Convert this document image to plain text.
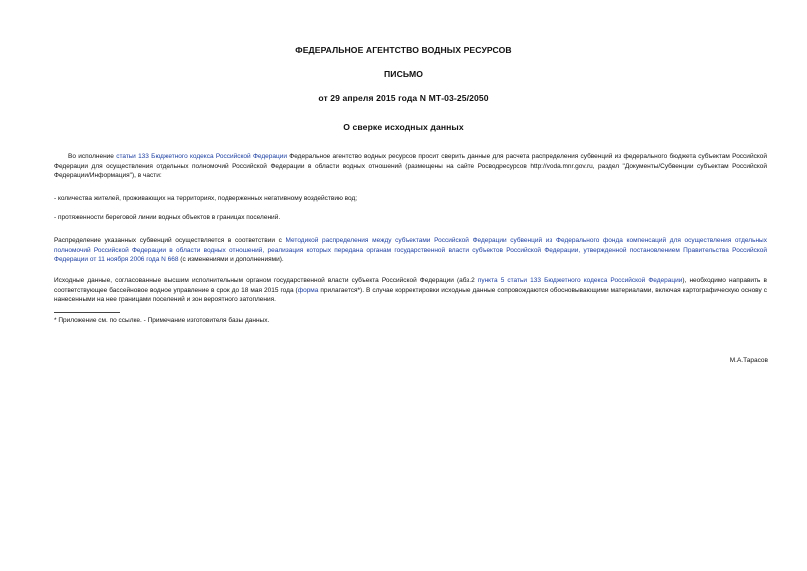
ФЕДЕРАЛЬНОЕ АГЕНТСТВО ВОДНЫХ РЕСУРСОВ
ПИСЬМО
от 29 апреля 2015 года N МТ-03-25/2050
О сверке исходных данных
Во исполнение статьи 133 Бюджетного кодекса Российской Федерации Федеральное агентство водных ресурсов просит сверить данные для расчета распределения субвенций из федерального бюджета субъектам Российской Федерации для осуществления отдельных полномочий Российской Федерации в области водных отношений (размещены на сайте Росводресурсов http://voda.mnr.gov.ru, раздел "Документы/Субвенции субъектам Российской Федерации/Информация"), в части:
- количества жителей, проживающих на территориях, подверженных негативному воздействию вод;
- протяженности береговой линии водных объектов в границах поселений.
Распределение указанных субвенций осуществляется в соответствии с Методикой распределения между субъектами Российской Федерации субвенций из Федерального фонда компенсаций для осуществления отдельных полномочий Российской Федерации в области водных отношений, реализация которых передана органам государственной власти субъектов Российской Федерации, утвержденной постановлением Правительства Российской Федерации от 11 ноября 2006 года N 668 (с изменениями и дополнениями).
Исходные данные, согласованные высшим исполнительным органом государственной власти субъекта Российской Федерации (абз.2 пункта 5 статьи 133 Бюджетного кодекса Российской Федерации), необходимо направить в соответствующее бассейновое водное управление в срок до 18 мая 2015 года (форма прилагается*). В случае корректировки исходные данные сопровождаются обосновывающими материалами, включая картографическую основу с нанесенными на нее границами поселений и зон вероятного затопления.
* Приложение см. по ссылке. - Примечание изготовителя базы данных.
М.А.Тарасов
